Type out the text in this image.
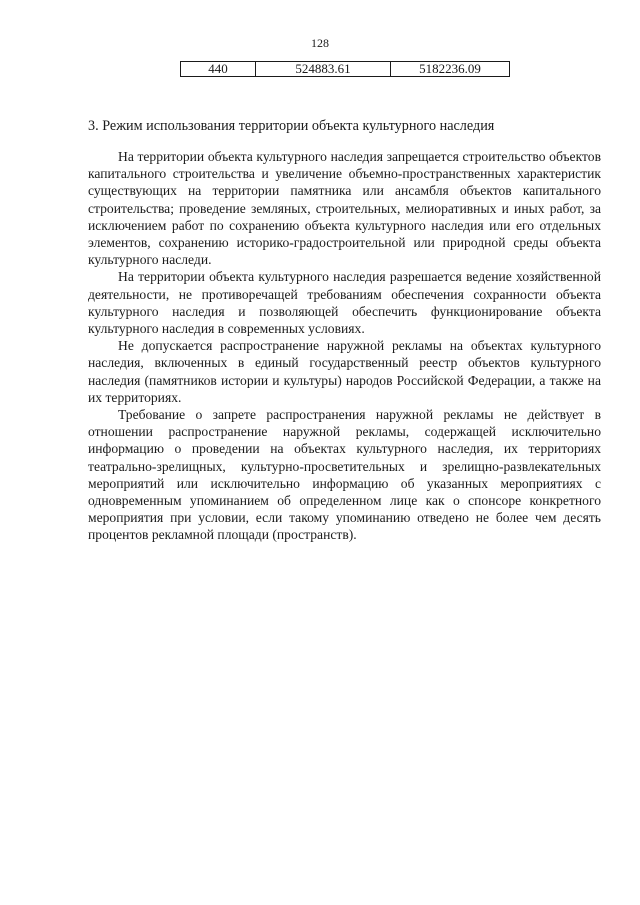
128
440	524883.61	5182236.09
3. Режим использования территории объекта культурного наследия

На территории объекта культурного наследия запрещается строительство объектов капитального строительства и увеличение объемно-пространственных характеристик существующих на территории памятника или ансамбля объектов капитального строительства; проведение земляных, строительных, мелиоративных и иных работ, за исключением работ по сохранению объекта культурного наследия или его отдельных элементов, сохранению историко-градостроительной или природной среды объекта культурного наследи.

На территории объекта культурного наследия разрешается ведение хозяйственной деятельности, не противоречащей требованиям обеспечения сохранности объекта культурного наследия и позволяющей обеспечить функционирование объекта культурного наследия в современных условиях.

Не допускается распространение наружной рекламы на объектах культурного наследия, включенных в единый государственный реестр объектов культурного наследия (памятников истории и культуры) народов Российской Федерации, а также на их территориях.

Требование о запрете распространения наружной рекламы не действует в отношении распространение наружной рекламы, содержащей исключительно информацию о проведении на объектах культурного наследия, их территориях театрально-зрелищных, культурно-просветительных и зрелищно-развлекательных мероприятий или исключительно информацию об указанных мероприятиях с одновременным упоминанием об определенном лице как о спонсоре конкретного мероприятия при условии, если такому упоминанию отведено не более чем десять процентов рекламной площади (пространств).
